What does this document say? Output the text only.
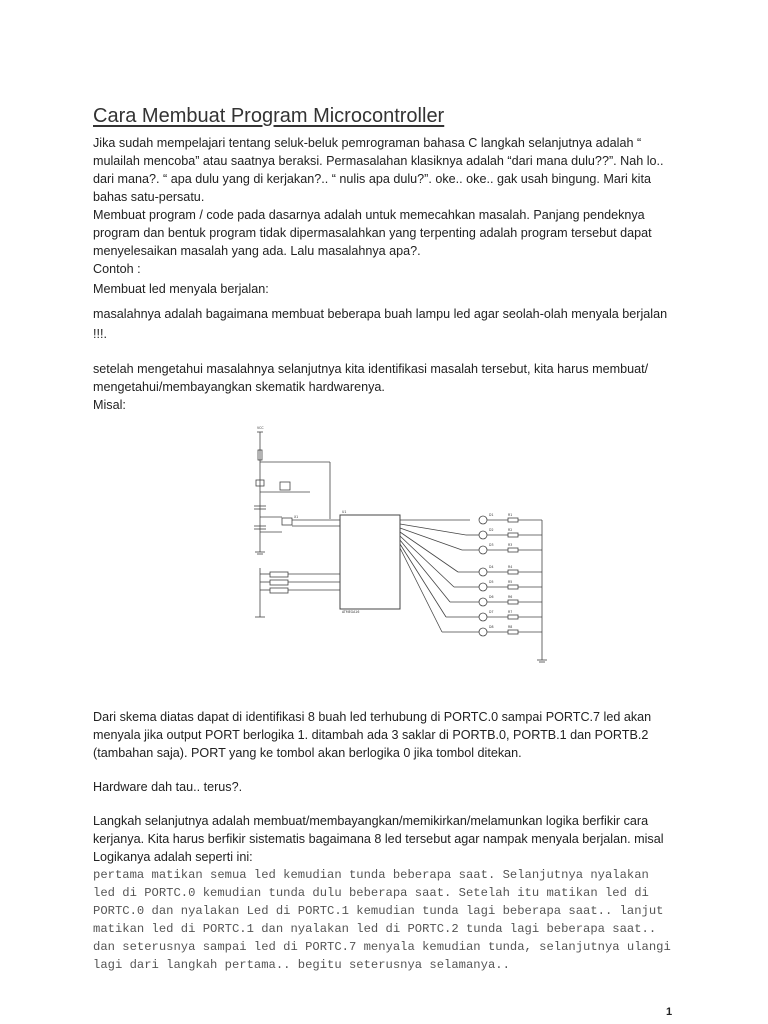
Cara Membuat Program Microcontroller

Jika sudah mempelajari tentang seluk-beluk pemrograman bahasa C langkah selanjutnya adalah “ mulailah mencoba” atau saatnya beraksi. Permasalahan klasiknya adalah “dari mana dulu??”. Nah lo.. dari mana?. “ apa dulu yang di kerjakan?.. “ nulis apa dulu?”. oke.. oke.. gak usah bingung. Mari kita bahas satu-persatu.

Membuat program / code pada dasarnya adalah untuk memecahkan masalah. Panjang pendeknya program dan bentuk program tidak dipermasalahkan yang terpenting adalah program tersebut dapat menyelesaikan masalah yang ada. Lalu masalahnya apa?.

Contoh :

Membuat led menyala berjalan:

masalahnya adalah bagaimana membuat beberapa buah lampu led agar seolah-olah menyala berjalan !!!.

setelah mengetahui masalahnya selanjutnya kita identifikasi masalah tersebut, kita harus membuat/ mengetahui/membayangkan skematik hardwarenya.

Misal:

VCC
U1
ATMEGA16
X1	R1
R2
R3
R4
R5
R6
R7
R8
D1
D2
D3
D4
D5
D6
D7
D8

Dari skema diatas dapat di identifikasi 8 buah led terhubung di PORTC.0 sampai PORTC.7 led akan menyala jika output PORT berlogika 1. ditambah ada 3 saklar di PORTB.0, PORTB.1 dan PORTB.2 (tambahan saja). PORT yang ke tombol akan berlogika 0 jika tombol ditekan.

Hardware dah tau.. terus?.

Langkah selanjutnya adalah membuat/membayangkan/memikirkan/melamunkan logika berfikir cara kerjanya. Kita harus berfikir sistematis bagaimana 8 led tersebut agar nampak menyala berjalan. misal Logikanya adalah seperti ini:

pertama matikan semua led kemudian tunda beberapa saat. Selanjutnya nyalakan led di PORTC.0 kemudian tunda dulu beberapa saat. Setelah itu matikan led di PORTC.0 dan nyalakan Led di PORTC.1 kemudian tunda lagi beberapa saat.. lanjut matikan led di PORTC.1 dan nyalakan led di PORTC.2 tunda lagi beberapa saat.. dan seterusnya sampai led di PORTC.7 menyala kemudian tunda, selanjutnya ulangi lagi dari langkah pertama.. begitu seterusnya selamanya..

1
